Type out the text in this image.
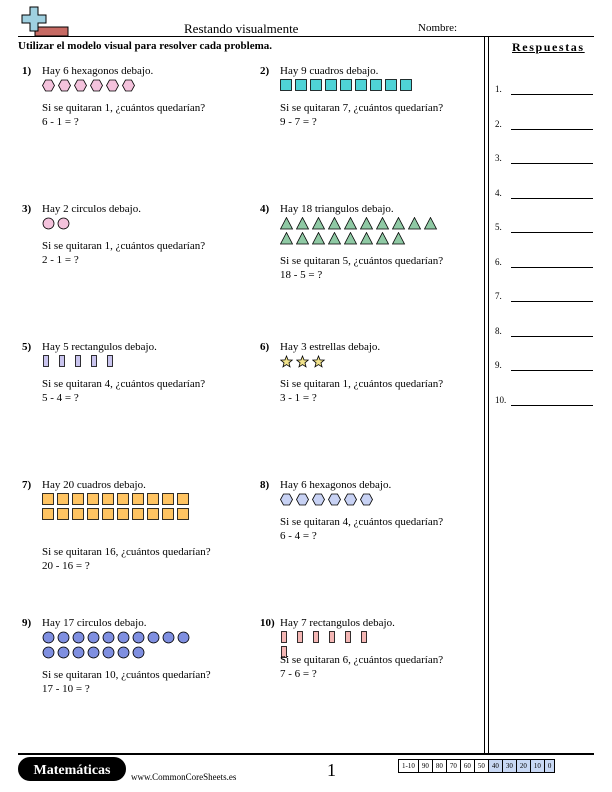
Restando visualmente	Nombre:
Utilizar el modelo visual para resolver cada problema.	Respuestas
1.
2.
3.
4.
5.
6.
7.
8.
9.
10.
1) Hay 6 hexagonos debajo.
Si se quitaran 1, ¿cuántos quedarían?
6 - 1 = ?
2) Hay 9 cuadros debajo.
Si se quitaran 7, ¿cuántos quedarían?
9 - 7 = ?
3) Hay 2 circulos debajo.
Si se quitaran 1, ¿cuántos quedarían?
2 - 1 = ?
4) Hay 18 triangulos debajo.
Si se quitaran 5, ¿cuántos quedarían?
18 - 5 = ?
5) Hay 5 rectangulos debajo.
Si se quitaran 4, ¿cuántos quedarían?
5 - 4 = ?
6) Hay 3 estrellas debajo.
Si se quitaran 1, ¿cuántos quedarían?
3 - 1 = ?
7) Hay 20 cuadros debajo.
Si se quitaran 16, ¿cuántos quedarían?
20 - 16 = ?
8) Hay 6 hexagonos debajo.
Si se quitaran 4, ¿cuántos quedarían?
6 - 4 = ?
9) Hay 17 circulos debajo.
Si se quitaran 10, ¿cuántos quedarían?
17 - 10 = ?
10) Hay 7 rectangulos debajo.
Si se quitaran 6, ¿cuántos quedarían?
7 - 6 = ?
Matemáticas	www.CommonCoreSheets.es	1	1-10	90	80	70	60	50	40	30	20	10	0
